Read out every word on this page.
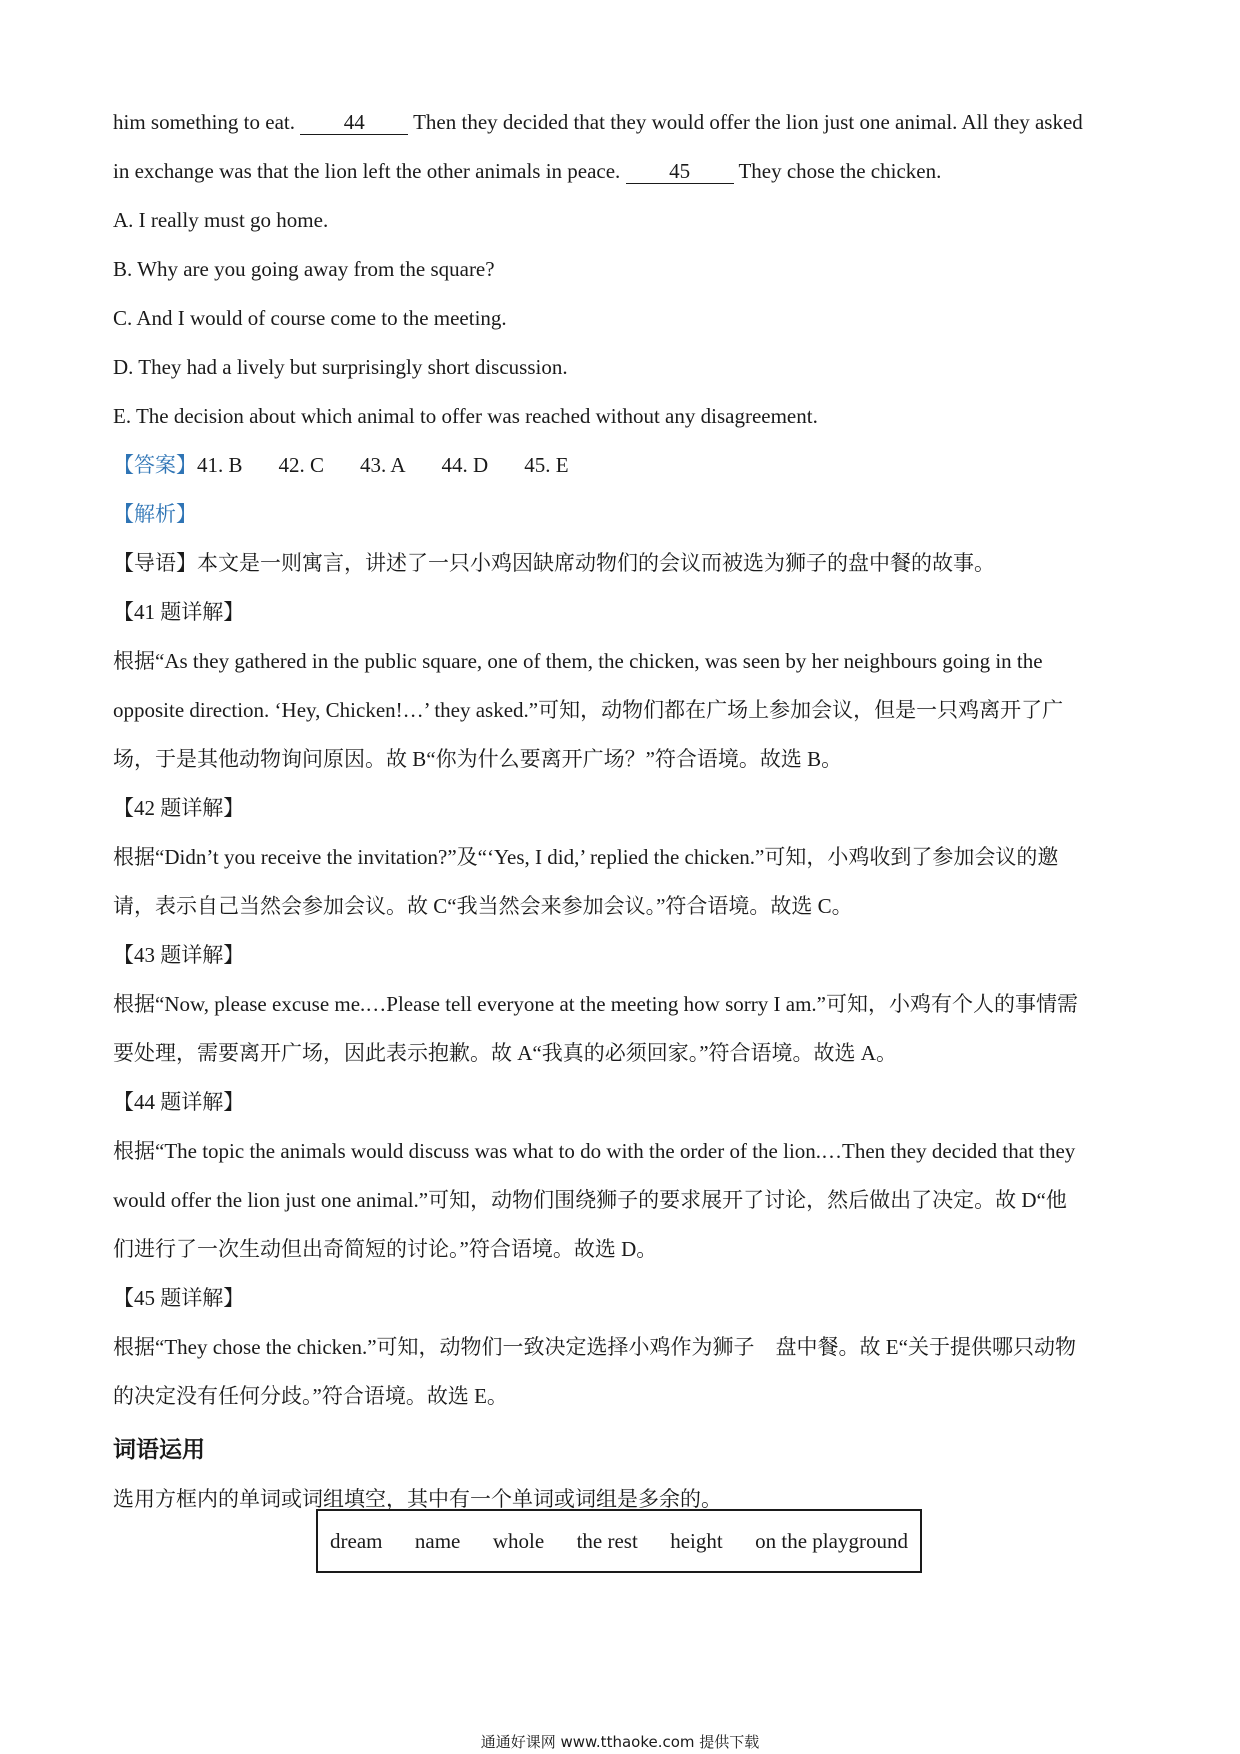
him something to eat. 44 Then they decided that they would offer the lion just one animal. All they asked
in exchange was that the lion left the other animals in peace. 45 They chose the chicken.
A. I really must go home.
B. Why are you going away from the square?
C. And I would of course come to the meeting.
D. They had a lively but surprisingly short discussion.
E. The decision about which animal to offer was reached without any disagreement.
【答案】41. B 42. C 43. A 44. D 45. E
【解析】
【导语】本文是一则寓言，讲述了一只小鸡因缺席动物们的会议而被选为狮子的盘中餐的故事。
【41 题详解】
根据“As they gathered in the public square, one of them, the chicken, was seen by her neighbours going in the
opposite direction. ‘Hey, Chicken!…’ they asked.”可知，动物们都在广场上参加会议，但是一只鸡离开了广
场，于是其他动物询问原因。故 B“你为什么要离开广场？”符合语境。故选 B。
【42 题详解】
根据“Didn’t you receive the invitation?”及“‘Yes, I did,’ replied the chicken.”可知，小鸡收到了参加会议的邀
请，表示自己当然会参加会议。故 C“我当然会来参加会议。”符合语境。故选 C。
【43 题详解】
根据“Now, please excuse me.…Please tell everyone at the meeting how sorry I am.”可知，小鸡有个人的事情需
要处理，需要离开广场，因此表示抱歉。故 A“我真的必须回家。”符合语境。故选 A。
【44 题详解】
根据“The topic the animals would discuss was what to do with the order of the lion.…Then they decided that they
would offer the lion just one animal.”可知，动物们围绕狮子的要求展开了讨论，然后做出了决定。故 D“他
们进行了一次生动但出奇简短的讨论。”符合语境。故选 D。
【45 题详解】
根据“They chose the chicken.”可知，动物们一致决定选择小鸡作为狮子　盘中餐。故 E“关于提供哪只动物
的决定没有任何分歧。”符合语境。故选 E。
词语运用
选用方框内的单词或词组填空，其中有一个单词或词组是多余的。
dream name whole the rest height on the playground
通通好课网 www.tthaoke.com 提供下载
